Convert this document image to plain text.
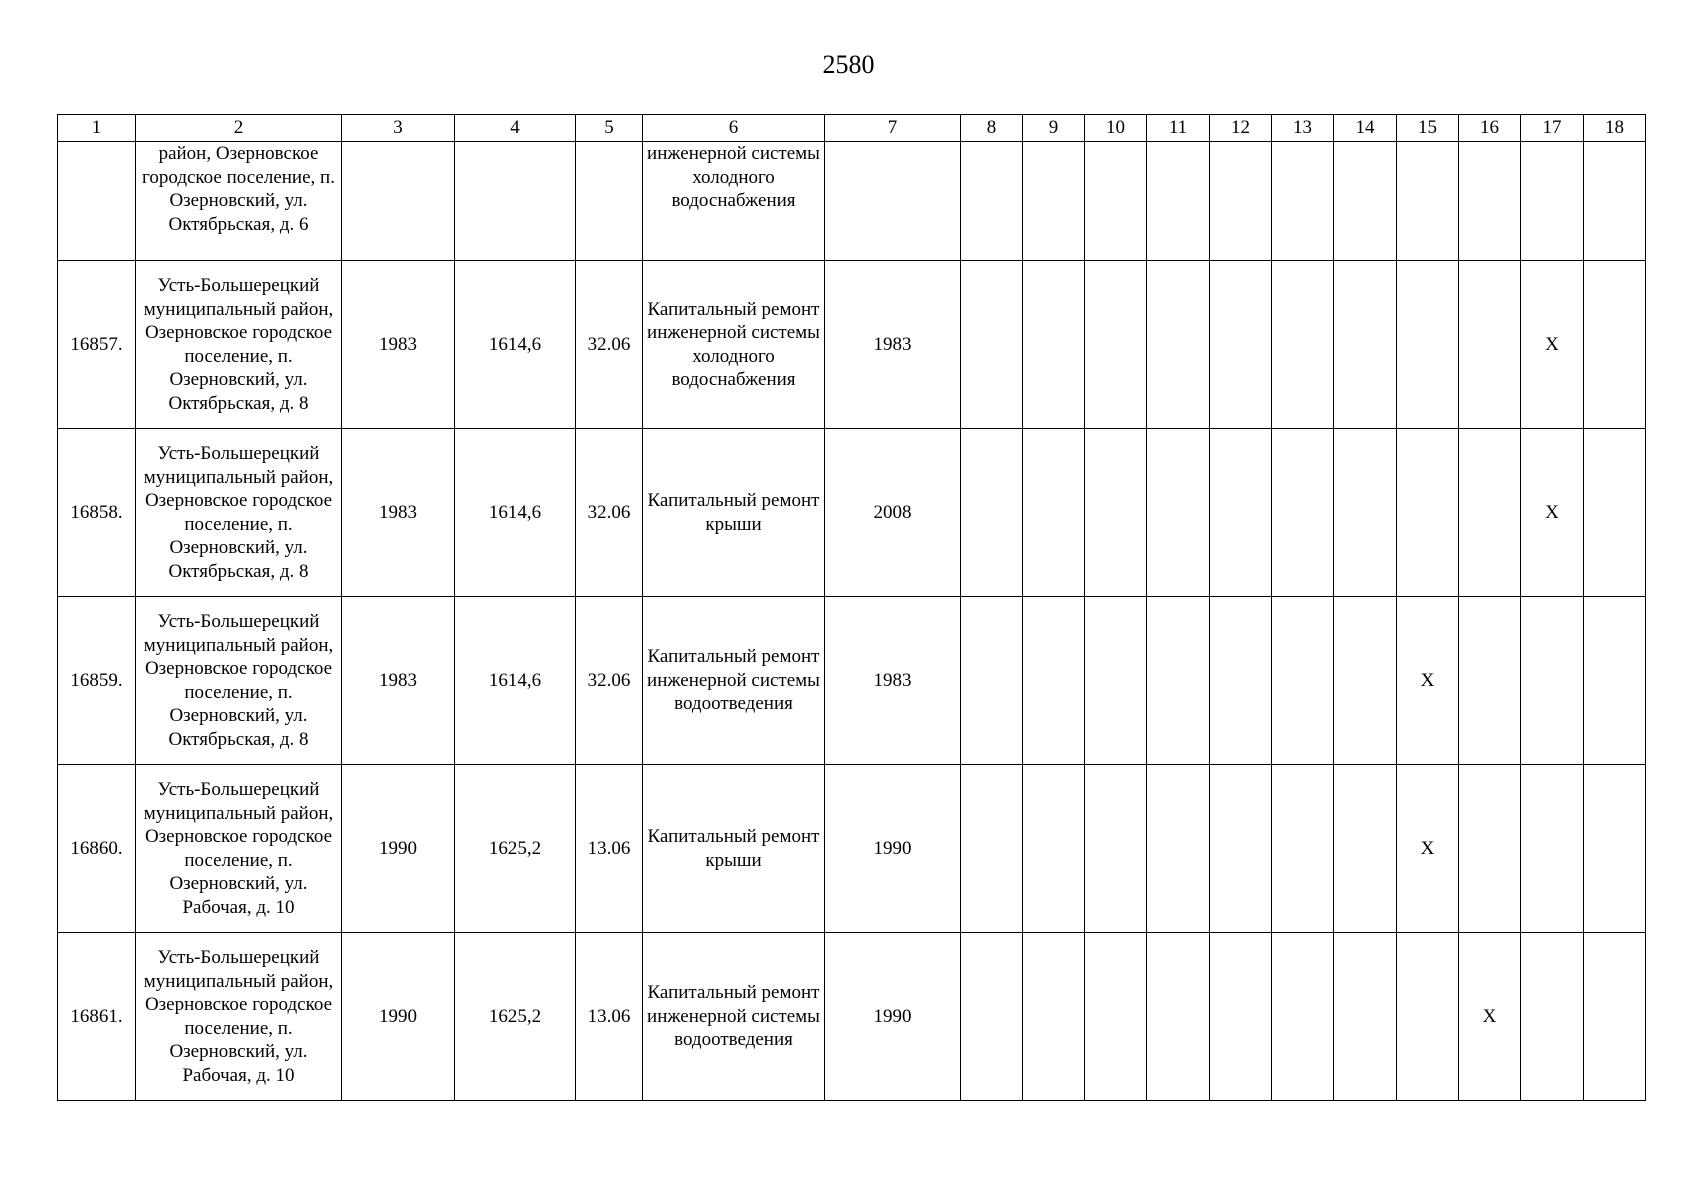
2580
1	2	3	4	5	6	7	8	9	10	11	12	13	14	15	16	17	18
	район, Озерновское городское поселение, п. Озерновский, ул. Октябрьская, д. 6				инженерной системы холодного водоснабжения												
16857.	Усть-Большерецкий муниципальный район, Озерновское городское поселение, п. Озерновский, ул. Октябрьская, д. 8	1983	1614,6	32.06	Капитальный ремонт инженерной системы холодного водоснабжения	1983										X	
16858.	Усть-Большерецкий муниципальный район, Озерновское городское поселение, п. Озерновский, ул. Октябрьская, д. 8	1983	1614,6	32.06	Капитальный ремонт крыши	2008										X	
16859.	Усть-Большерецкий муниципальный район, Озерновское городское поселение, п. Озерновский, ул. Октябрьская, д. 8	1983	1614,6	32.06	Капитальный ремонт инженерной системы водоотведения	1983								X			
16860.	Усть-Большерецкий муниципальный район, Озерновское городское поселение, п. Озерновский, ул. Рабочая, д. 10	1990	1625,2	13.06	Капитальный ремонт крыши	1990								X			
16861.	Усть-Большерецкий муниципальный район, Озерновское городское поселение, п. Озерновский, ул. Рабочая, д. 10	1990	1625,2	13.06	Капитальный ремонт инженерной системы водоотведения	1990									X		
